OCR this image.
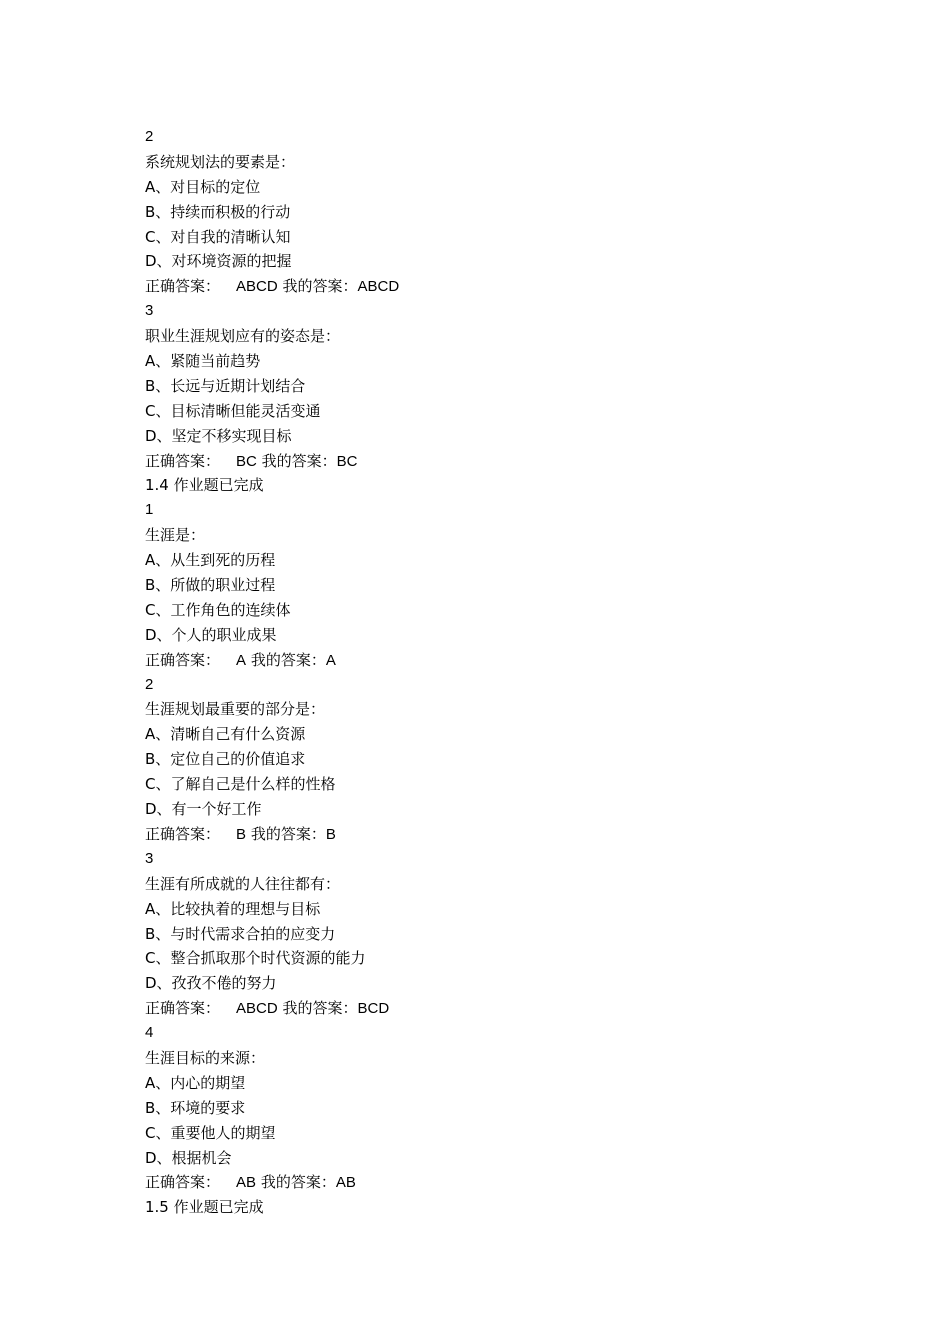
2
系统规划法的要素是：
A、对目标的定位
B、持续而积极的行动
C、对自我的清晰认知
D、对环境资源的把握
正确答案： ABCD 我的答案：ABCD
3
职业生涯规划应有的姿态是：
A、紧随当前趋势
B、长远与近期计划结合
C、目标清晰但能灵活变通
D、坚定不移实现目标
正确答案： BC 我的答案：BC
1.4 作业题已完成
1
生涯是：
A、从生到死的历程
B、所做的职业过程
C、工作角色的连续体
D、个人的职业成果
正确答案： A 我的答案：A
2
生涯规划最重要的部分是：
A、清晰自己有什么资源
B、定位自己的价值追求
C、了解自己是什么样的性格
D、有一个好工作
正确答案： B 我的答案：B
3
生涯有所成就的人往往都有：
A、比较执着的理想与目标
B、与时代需求合拍的应变力
C、整合抓取那个时代资源的能力
D、孜孜不倦的努力
正确答案： ABCD 我的答案：BCD
4
生涯目标的来源：
A、内心的期望
B、环境的要求
C、重要他人的期望
D、根据机会
正确答案： AB 我的答案：AB
1.5 作业题已完成
